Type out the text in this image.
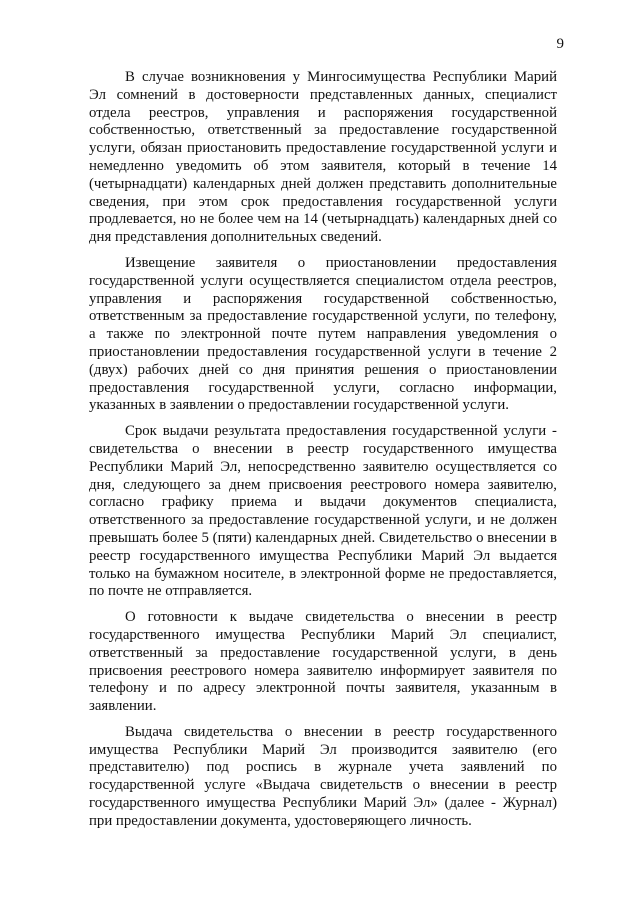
9

В случае возникновения у Мингосимущества Республики Марий Эл сомнений в достоверности представленных данных, специалист отдела реестров, управления и распоряжения государственной собственностью, ответственный за предоставление государственной услуги, обязан приостановить предоставление государственной услуги и немедленно уведомить об этом заявителя, который в течение 14 (четырнадцати) календарных дней должен представить дополнительные сведения, при этом срок предоставления государственной услуги продлевается, но не более чем на 14 (четырнадцать) календарных дней со дня представления дополнительных сведений.

Извещение заявителя о приостановлении предоставления государственной услуги осуществляется специалистом отдела реестров, управления и распоряжения государственной собственностью, ответственным за предоставление государственной услуги, по телефону, а также по электронной почте путем направления уведомления о приостановлении предоставления государственной услуги в течение 2 (двух) рабочих дней со дня принятия решения о приостановлении предоставления государственной услуги, согласно информации, указанных в заявлении о предоставлении государственной услуги.

Срок выдачи результата предоставления государственной услуги - свидетельства о внесении в реестр государственного имущества Республики Марий Эл, непосредственно заявителю осуществляется со дня, следующего за днем присвоения реестрового номера заявителю, согласно графику приема и выдачи документов специалиста, ответственного за предоставление государственной услуги, и не должен превышать более 5 (пяти) календарных дней. Свидетельство о внесении в реестр государственного имущества Республики Марий Эл выдается только на бумажном носителе, в электронной форме не предоставляется, по почте не отправляется.

О готовности к выдаче свидетельства о внесении в реестр государственного имущества Республики Марий Эл специалист, ответственный за предоставление государственной услуги, в день присвоения реестрового номера заявителю информирует заявителя по телефону и по адресу электронной почты заявителя, указанным в заявлении.

Выдача свидетельства о внесении в реестр государственного имущества Республики Марий Эл производится заявителю (его представителю) под роспись в журнале учета заявлений по государственной услуге «Выдача свидетельств о внесении в реестр государственного имущества Республики Марий Эл» (далее - Журнал) при предоставлении документа, удостоверяющего личность.
